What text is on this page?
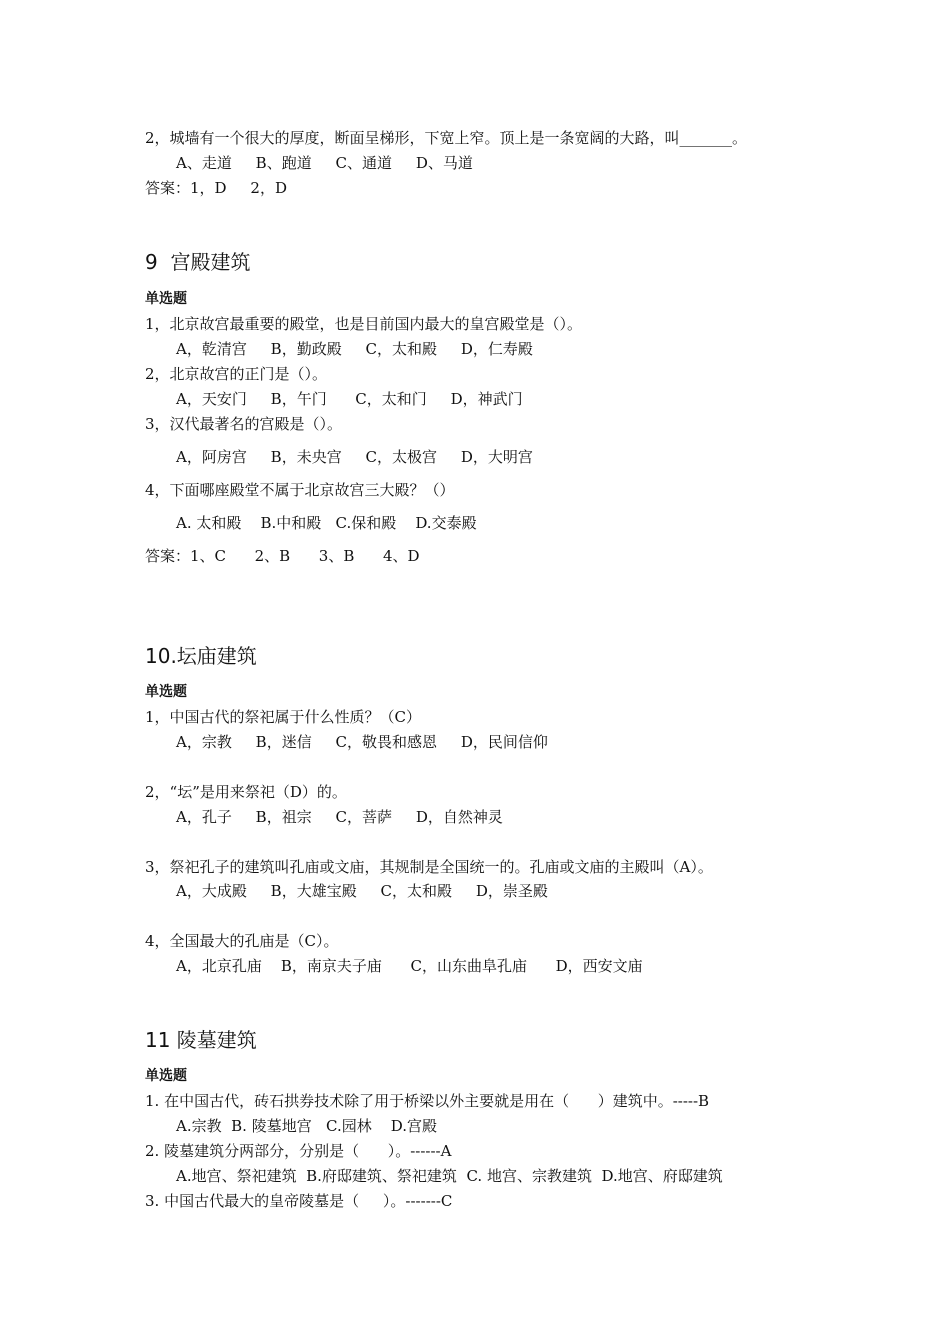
2，城墙有一个很大的厚度，断面呈梯形，下宽上窄。顶上是一条宽阔的大路，叫_______。
A、走道     B、跑道     C、通道     D、马道
答案：1，D     2，D
9  宫殿建筑
单选题
1，北京故宫最重要的殿堂，也是目前国内最大的皇宫殿堂是（）。
A，乾清宫     B，勤政殿     C，太和殿     D，仁寿殿
2，北京故宫的正门是（）。
A，天安门     B，午门      C，太和门     D，神武门
3，汉代最著名的宫殿是（）。
A，阿房宫     B，未央宫     C，太极宫     D，大明宫
4，下面哪座殿堂不属于北京故宫三大殿？（）
A. 太和殿    B.中和殿   C.保和殿    D.交泰殿
答案：1、C      2、B      3、B      4、D
10.坛庙建筑
单选题
1，中国古代的祭祀属于什么性质？（C）
A，宗教     B，迷信     C，敬畏和感恩     D，民间信仰
2，“坛”是用来祭祀（D）的。
A，孔子     B，祖宗     C，菩萨     D，自然神灵
3，祭祀孔子的建筑叫孔庙或文庙，其规制是全国统一的。孔庙或文庙的主殿叫（A）。
A，大成殿     B，大雄宝殿     C，太和殿     D，崇圣殿
4，全国最大的孔庙是（C）。
A，北京孔庙    B，南京夫子庙      C，山东曲阜孔庙      D，西安文庙
11 陵墓建筑
单选题
1. 在中国古代，砖石拱券技术除了用于桥梁以外主要就是用在（      ）建筑中。-----B
A.宗教  B. 陵墓地宫   C.园林    D.宫殿
2. 陵墓建筑分两部分，分别是（      ）。------A
A.地宫、祭祀建筑  B.府邸建筑、祭祀建筑  C. 地宫、宗教建筑  D.地宫、府邸建筑
3. 中国古代最大的皇帝陵墓是（     ）。-------C
